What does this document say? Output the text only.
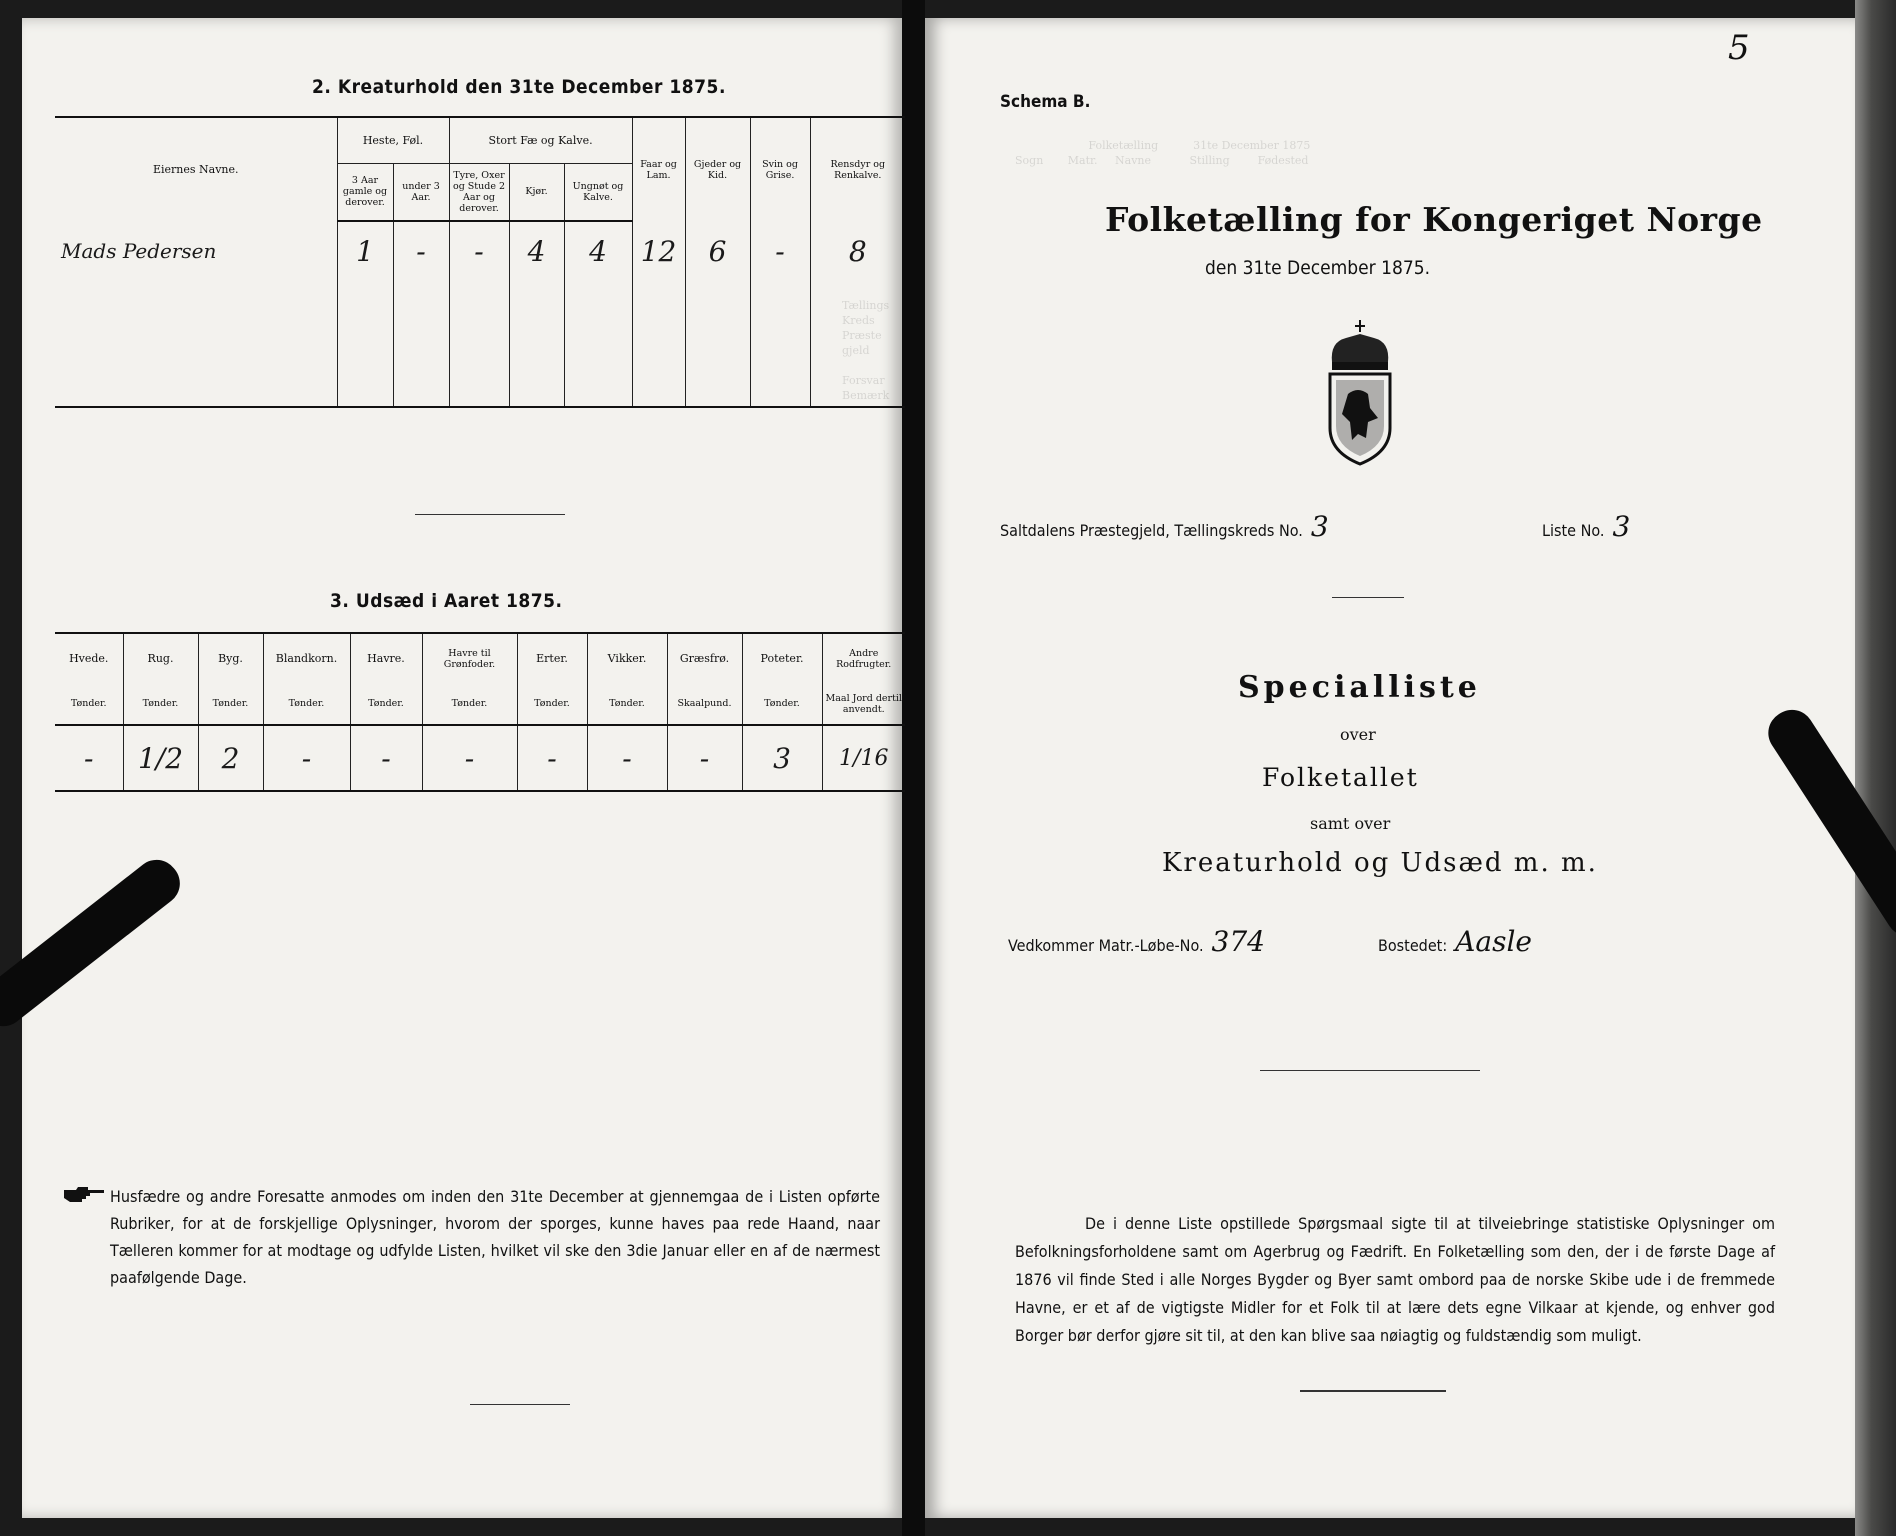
Tællings
Kreds
Præste
gjeld

Forsvar
Bemærk
Folketælling          31te December 1875
Sogn       Matr.     Navne           Stilling        Fødested

2. Kreaturhold den 31te December 1875.
Eiernes Navne.	Heste, Føl.		Stort Fæ og Kalve.			Faar og Lam.	Gjeder og Kid.	Svin og Grise.	Rensdyr og Renkalve.
	3 Aar gamle og derover.	under 3 Aar.	Tyre, Oxer og Stude 2 Aar og derover.	Kjør.	Ungnøt og Kalve.				
Mads Pedersen	1	-	-	4	4	12	6	-	8

3. Udsæd i Aaret 1875.
Hvede.	Rug.	Byg.	Blandkorn.	Havre.	Havre til Grønfoder.	Erter.	Vikker.	Græsfrø.	Poteter.	Andre Rodfrugter.
Tønder.	Tønder.	Tønder.	Tønder.	Tønder.	Tønder.	Tønder.	Tønder.	Skaalpund.	Tønder.	Maal Jord dertil anvendt.
-	1/2	2	-	-	-	-	-	-	3	1/16
Husfædre og andre Foresatte anmodes om inden den 31te December at gjennemgaa de i Listen opførte Rubriker, for at de forskjellige Oplysninger, hvorom der sporges, kunne haves paa rede Haand, naar Tælleren kommer for at modtage og udfylde Listen, hvilket vil ske den 3die Januar eller en af de nærmest paafølgende Dage.
5
Schema B.
Folketælling for Kongeriget Norge
den 31te December 1875.
Saltdalens Præstegjeld, Tællingskreds No. 3	Liste No. 3
Specialliste
over
Folketallet
samt over
Kreaturhold og Udsæd m. m.
Vedkommer Matr.-Løbe-No. 374	Bostedet: Aasle
De i denne Liste opstillede Spørgsmaal sigte til at tilveiebringe statistiske Oplysninger om Befolkningsforholdene samt om Agerbrug og Fædrift. En Folketælling som den, der i de første Dage af 1876 vil finde Sted i alle Norges Bygder og Byer samt ombord paa de norske Skibe ude i de fremmede Havne, er et af de vigtigste Midler for et Folk til at lære dets egne Vilkaar at kjende, og enhver god Borger bør derfor gjøre sit til, at den kan blive saa nøiagtig og fuldstændig som muligt.
